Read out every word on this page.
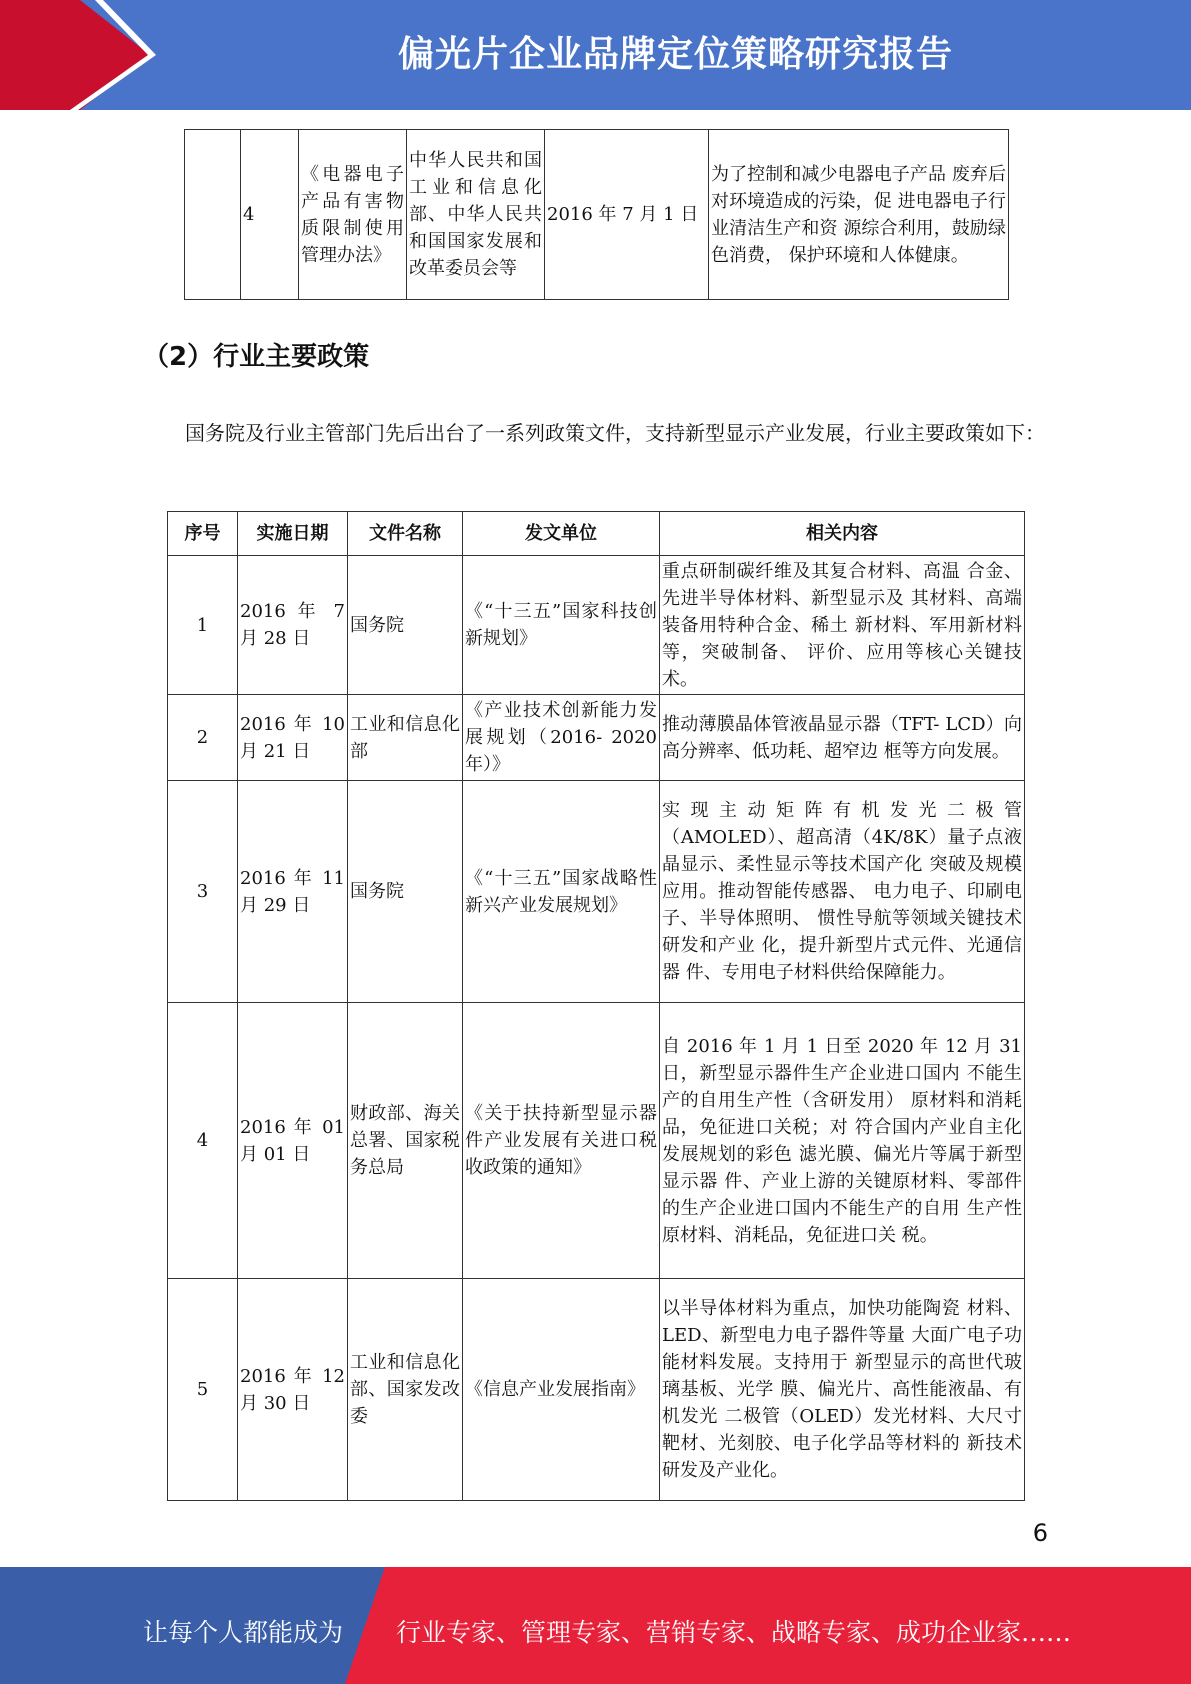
偏光片企业品牌定位策略研究报告
	4	《电器电子产品有害物质限制使用管理办法》	中华人民共和国工业和信息化部、中华人民共和国国家发展和改革委员会等	2016 年 7 月 1 日	为了控制和减少电器电子产品 废弃后对环境造成的污染，促 进电器电子行业清洁生产和资 源综合利用，鼓励绿色消费， 保护环境和人体健康。
（2）行业主要政策
国务院及行业主管部门先后出台了一系列政策文件，支持新型显示产业发展，行业主要政策如下：
序号	实施日期	文件名称	发文单位	相关内容
1	2016 年 7 月 28 日	国务院	《“十三五”国家科技创新规划》	重点研制碳纤维及其复合材料、高温 合金、先进半导体材料、新型显示及 其材料、高端装备用特种合金、稀土 新材料、军用新材料等，突破制备、 评价、应用等核心关键技术。
2	2016 年 10 月 21 日	工业和信息化部	《产业技术创新能力发展规划（2016- 2020 年）》	推动薄膜晶体管液晶显示器（TFT- LCD）向高分辨率、低功耗、超窄边 框等方向发展。
3	2016 年 11 月 29 日	国务院	《“十三五”国家战略性新兴产业发展规划》	实现主动矩阵有机发光二极管（AMOLED）、超高清（4K/8K）量子点液晶显示、柔性显示等技术国产化 突破及规模应用。推动智能传感器、 电力电子、印刷电子、半导体照明、 惯性导航等领域关键技术研发和产业 化，提升新型片式元件、光通信器 件、专用电子材料供给保障能力。
4	2016 年 01 月 01 日	财政部、海关总署、国家税务总局	《关于扶持新型显示器件产业发展有关进口税收政策的通知》	自 2016 年 1 月 1 日至 2020 年 12 月 31 日，新型显示器件生产企业进口国内 不能生产的自用生产性（含研发用） 原材料和消耗品，免征进口关税；对 符合国内产业自主化发展规划的彩色 滤光膜、偏光片等属于新型显示器 件、产业上游的关键原材料、零部件 的生产企业进口国内不能生产的自用 生产性原材料、消耗品，免征进口关 税。
5	2016 年 12 月 30 日	工业和信息化部、国家发改委	《信息产业发展指南》	以半导体材料为重点，加快功能陶瓷 材料、LED、新型电力电子器件等量 大面广电子功能材料发展。支持用于 新型显示的高世代玻璃基板、光学 膜、偏光片、高性能液晶、有机发光 二极管（OLED）发光材料、大尺寸 靶材、光刻胶、电子化学品等材料的 新技术研发及产业化。
6
让每个人都能成为 行业专家、管理专家、营销专家、战略专家、成功企业家……
